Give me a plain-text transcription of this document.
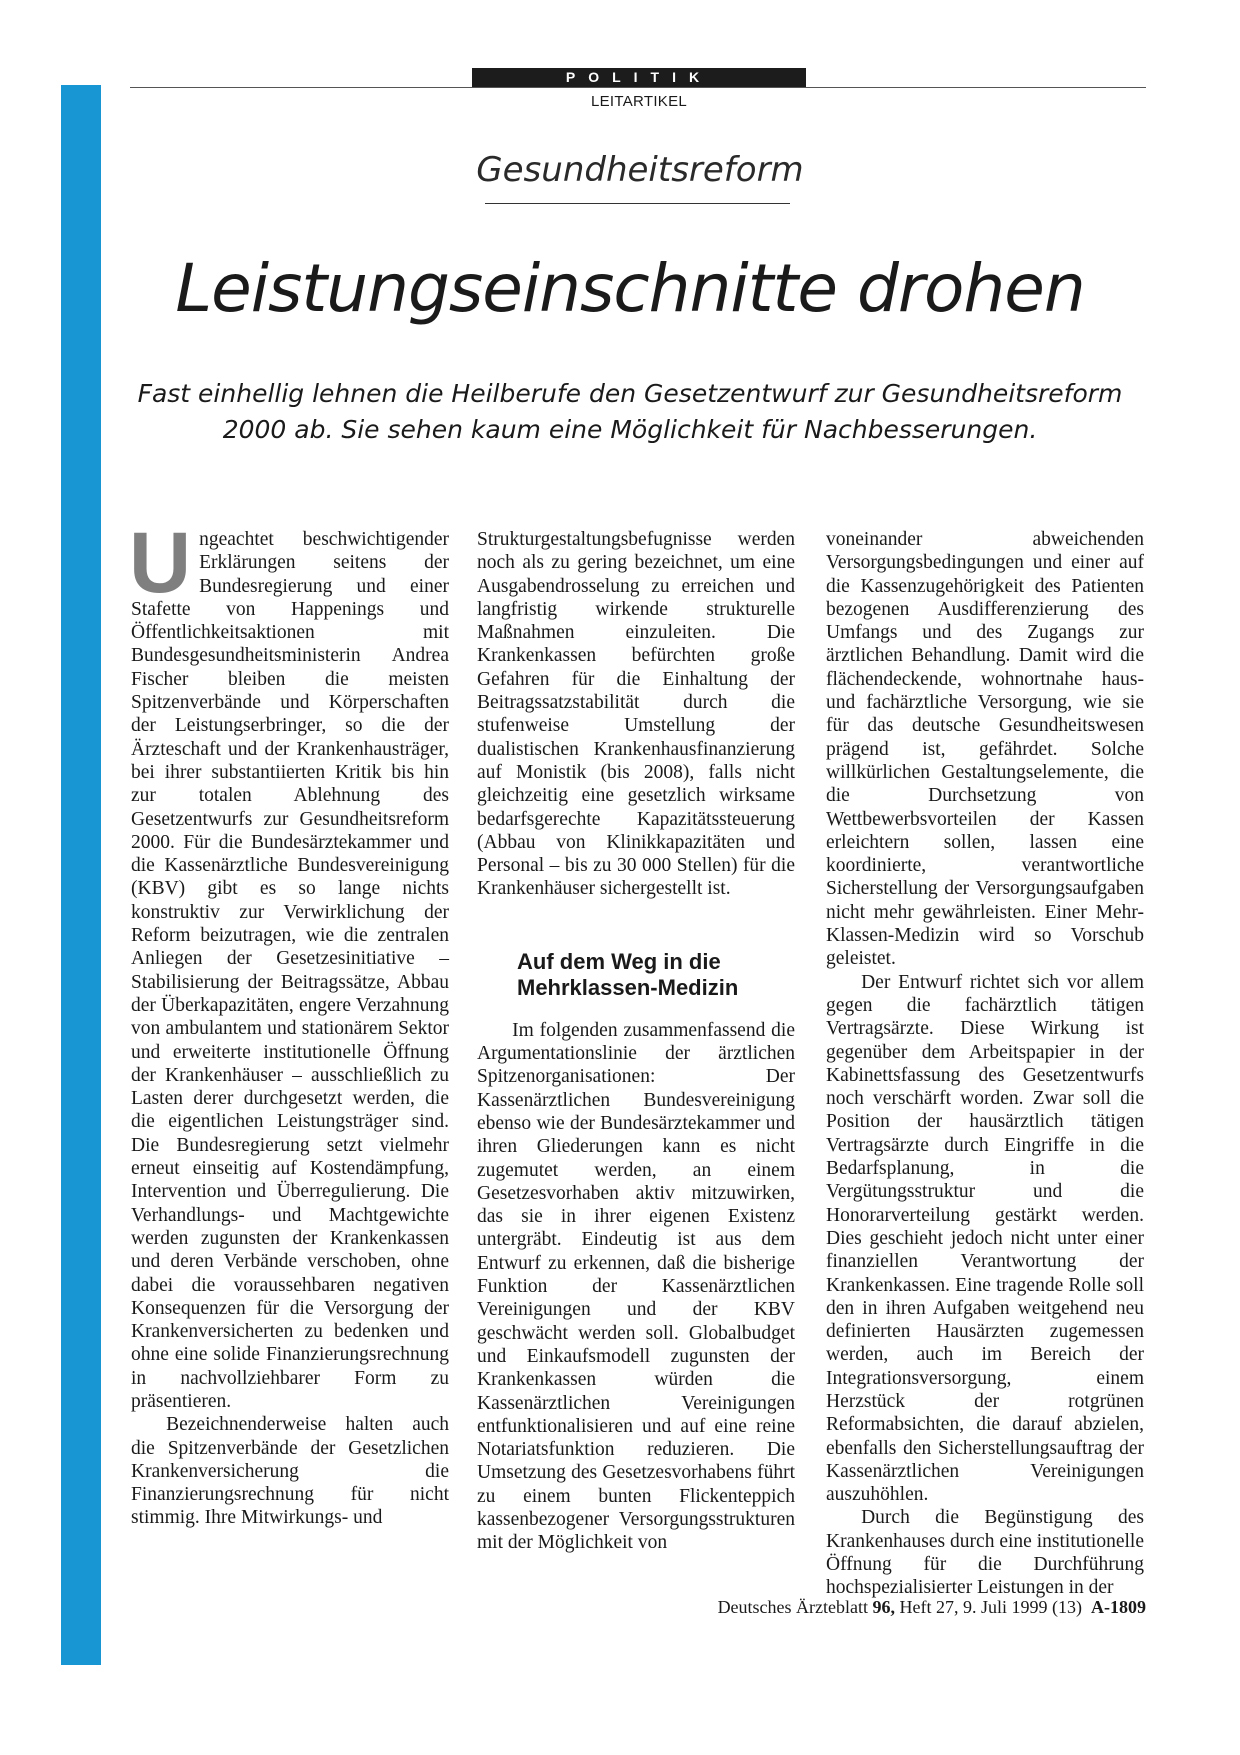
POLITIK
LEITARTIKEL
Gesundheitsreform
Leistungseinschnitte drohen
Fast einhellig lehnen die Heilberufe den Gesetzentwurf zur Gesundheitsreform 2000 ab. Sie sehen kaum eine Möglichkeit für Nachbesserungen.
U ngeachtet beschwichtigender Erklärungen seitens der Bundesregierung und einer Stafette von Happenings und Öffentlichkeitsaktionen mit Bundesgesundheitsministerin Andrea Fischer bleiben die meisten Spitzenverbände und Körperschaften der Leistungserbringer, so die der Ärzteschaft und der Krankenhausträger, bei ihrer substantiierten Kritik bis hin zur totalen Ablehnung des Gesetzentwurfs zur Gesundheitsreform 2000. Für die Bundesärztekammer und die Kassenärztliche Bundesvereinigung (KBV) gibt es so lange nichts konstruktiv zur Verwirklichung der Reform beizutragen, wie die zentralen Anliegen der Gesetzesinitiative – Stabilisierung der Beitragssätze, Abbau der Überkapazitäten, engere Verzahnung von ambulantem und stationärem Sektor und erweiterte institutionelle Öffnung der Krankenhäuser – ausschließlich zu Lasten derer durchgesetzt werden, die die eigentlichen Leistungsträger sind. Die Bundesregierung setzt vielmehr erneut einseitig auf Kostendämpfung, Intervention und Überregulierung. Die Verhandlungs- und Machtgewichte werden zugunsten der Krankenkassen und deren Verbände verschoben, ohne dabei die voraussehbaren negativen Konsequenzen für die Versorgung der Krankenversicherten zu bedenken und ohne eine solide Finanzierungsrechnung in nachvollziehbarer Form zu präsentieren.

Bezeichnenderweise halten auch die Spitzenverbände der Gesetzlichen Krankenversicherung die Finanzierungsrechnung für nicht stimmig. Ihre Mitwirkungs- und

Strukturgestaltungsbefugnisse werden noch als zu gering bezeichnet, um eine Ausgabendrosselung zu erreichen und langfristig wirkende strukturelle Maßnahmen einzuleiten. Die Krankenkassen befürchten große Gefahren für die Einhaltung der Beitragssatzstabilität durch die stufenweise Umstellung der dualistischen Krankenhausfinanzierung auf Monistik (bis 2008), falls nicht gleichzeitig eine gesetzlich wirksame bedarfsgerechte Kapazitätssteuerung (Abbau von Klinikkapazitäten und Personal – bis zu 30 000 Stellen) für die Krankenhäuser sichergestellt ist.

Auf dem Weg in die
Mehrklassen-Medizin

Im folgenden zusammenfassend die Argumentationslinie der ärztlichen Spitzenorganisationen: Der Kassenärztlichen Bundesvereinigung ebenso wie der Bundesärztekammer und ihren Gliederungen kann es nicht zugemutet werden, an einem Gesetzesvorhaben aktiv mitzuwirken, das sie in ihrer eigenen Existenz untergräbt. Eindeutig ist aus dem Entwurf zu erkennen, daß die bisherige Funktion der Kassenärztlichen Vereinigungen und der KBV geschwächt werden soll. Globalbudget und Einkaufsmodell zugunsten der Krankenkassen würden die Kassenärztlichen Vereinigungen entfunktionalisieren und auf eine reine Notariatsfunktion reduzieren. Die Umsetzung des Gesetzesvorhabens führt zu einem bunten Flickenteppich kassenbezogener Versorgungsstrukturen mit der Möglichkeit von

voneinander abweichenden Versorgungsbedingungen und einer auf die Kassenzugehörigkeit des Patienten bezogenen Ausdifferenzierung des Umfangs und des Zugangs zur ärztlichen Behandlung. Damit wird die flächendeckende, wohnortnahe haus- und fachärztliche Versorgung, wie sie für das deutsche Gesundheitswesen prägend ist, gefährdet. Solche willkürlichen Gestaltungselemente, die die Durchsetzung von Wettbewerbsvorteilen der Kassen erleichtern sollen, lassen eine koordinierte, verantwortliche Sicherstellung der Versorgungsaufgaben nicht mehr gewährleisten. Einer Mehr-Klassen-Medizin wird so Vorschub geleistet.

Der Entwurf richtet sich vor allem gegen die fachärztlich tätigen Vertragsärzte. Diese Wirkung ist gegenüber dem Arbeitspapier in der Kabinettsfassung des Gesetzentwurfs noch verschärft worden. Zwar soll die Position der hausärztlich tätigen Vertragsärzte durch Eingriffe in die Bedarfsplanung, in die Vergütungsstruktur und die Honorarverteilung gestärkt werden. Dies geschieht jedoch nicht unter einer finanziellen Verantwortung der Krankenkassen. Eine tragende Rolle soll den in ihren Aufgaben weitgehend neu definierten Hausärzten zugemessen werden, auch im Bereich der Integrationsversorgung, einem Herzstück der rotgrünen Reformabsichten, die darauf abzielen, ebenfalls den Sicherstellungsauftrag der Kassenärztlichen Vereinigungen auszuhöhlen.

Durch die Begünstigung des Krankenhauses durch eine institutionelle Öffnung für die Durchführung hochspezialisierter Leistungen in der

Deutsches Ärzteblatt 96, Heft 27, 9. Juli 1999 (13) A-1809
